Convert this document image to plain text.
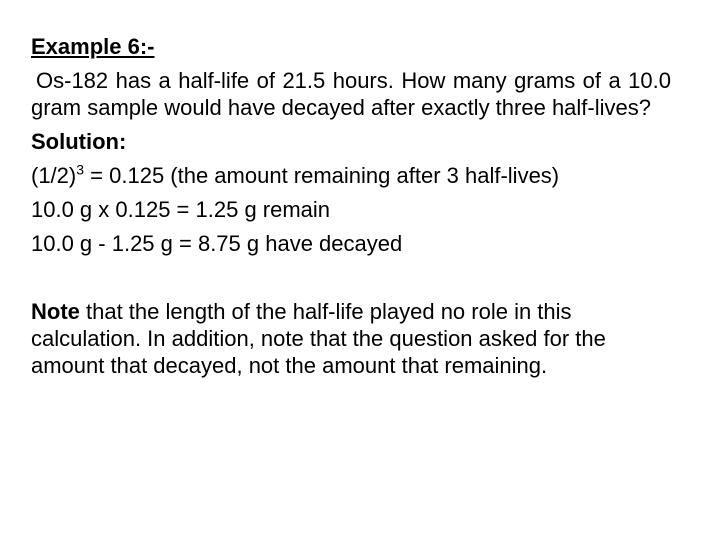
Example 6:-

Os-182 has a half-life of 21.5 hours. How many grams of a 10.0 gram sample would have decayed after exactly three half-lives?

Solution:

$(1/2)^3 = 0.125$ (the amount remaining after 3 half-lives)

10.0 g x 0.125 = 1.25 g remain

10.0 g - 1.25 g = 8.75 g have decayed

Note that the length of the half-life played no role in this calculation. In addition, note that the question asked for the amount that decayed, not the amount that remaining.
